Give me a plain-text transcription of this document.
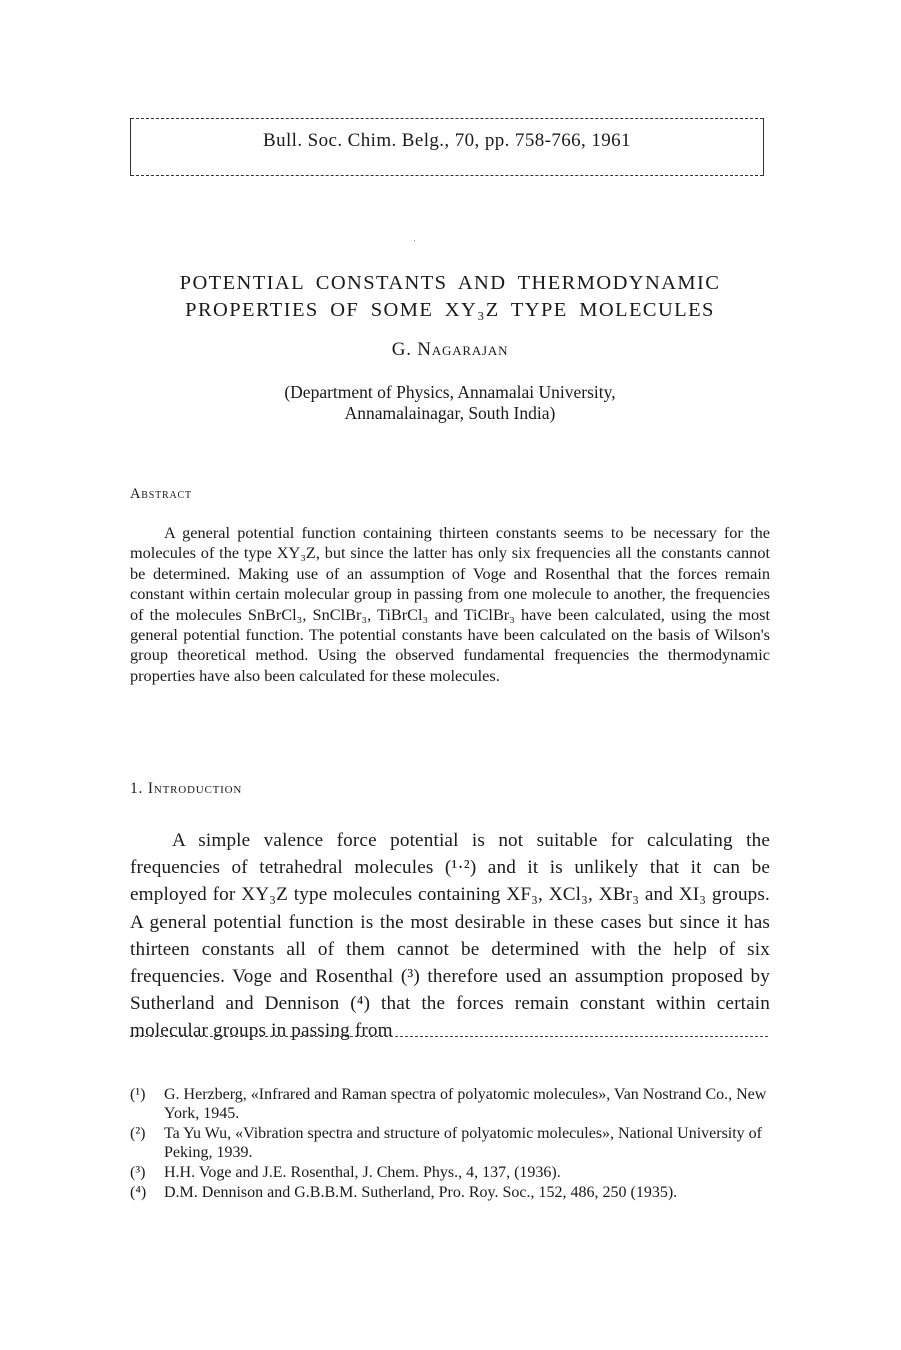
Bull. Soc. Chim. Belg., 70, pp. 758-766, 1961
POTENTIAL CONSTANTS AND THERMODYNAMIC
PROPERTIES OF SOME XY₃Z TYPE MOLECULES
G. Nagarajan
(Department of Physics, Annamalai University,
Annamalainagar, South India)
Abstract

A general potential function containing thirteen constants seems to be necessary for the molecules of the type XY₃Z, but since the latter has only six frequencies all the constants cannot be determined. Making use of an assumption of Voge and Rosenthal that the forces remain constant within certain molecular group in passing from one molecule to another, the frequencies of the molecules SnBrCl₃, SnClBr₃, TiBrCl₃ and TiClBr₃ have been calculated, using the most general potential function. The potential constants have been calculated on the basis of Wilson's group theoretical method. Using the observed fundamental frequencies the thermodynamic properties have also been calculated for these molecules.

1. Introduction

A simple valence force potential is not suitable for calculating the frequencies of tetrahedral molecules (¹·²) and it is unlikely that it can be employed for XY₃Z type molecules containing XF₃, XCl₃, XBr₃ and XI₃ groups. A general potential function is the most desirable in these cases but since it has thirteen constants all of them cannot be determined with the help of six frequencies. Voge and Rosenthal (³) therefore used an assumption proposed by Sutherland and Dennison (⁴) that the forces remain constant within certain molecular groups in passing from

(¹) G. Herzberg, «Infrared and Raman spectra of polyatomic molecules», Van Nostrand Co., New York, 1945.
(²) Ta Yu Wu, «Vibration spectra and structure of polyatomic molecules», National University of Peking, 1939.
(³) H.H. Voge and J.E. Rosenthal, J. Chem. Phys., 4, 137, (1936).
(⁴) D.M. Dennison and G.B.B.M. Sutherland, Pro. Roy. Soc., 152, 486, 250 (1935).
